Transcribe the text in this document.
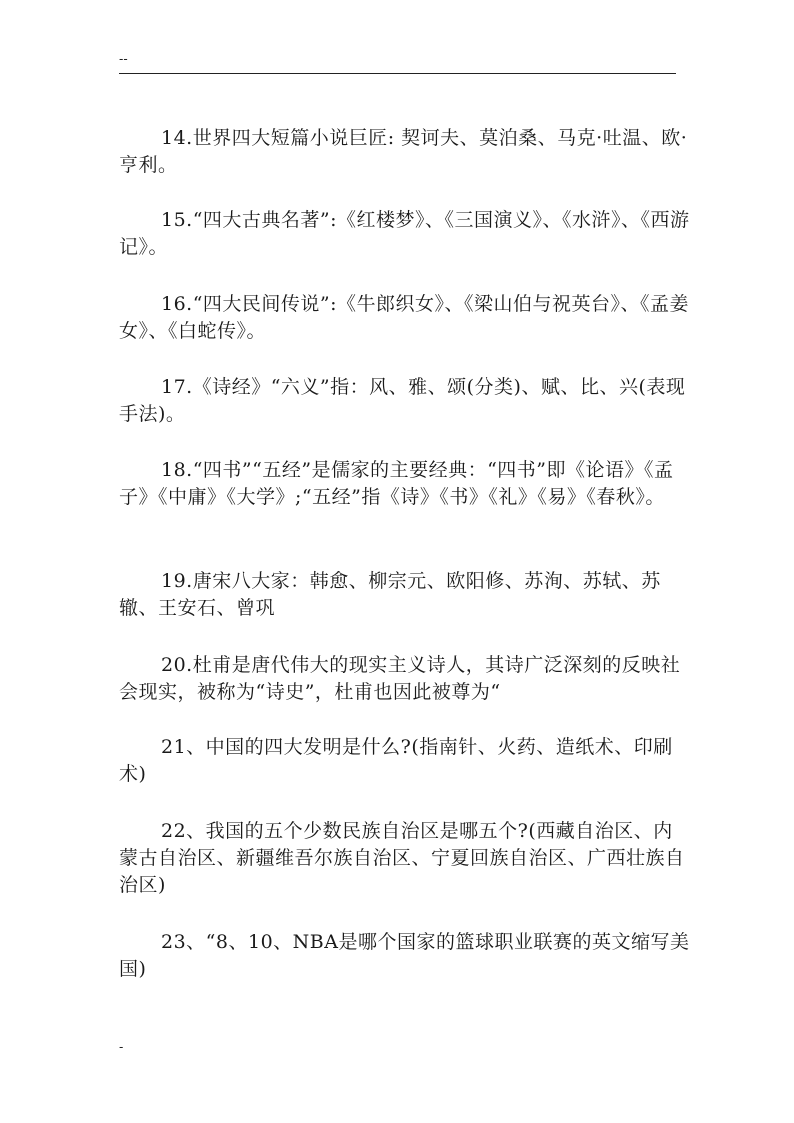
--
14.世界四大短篇小说巨匠: 契诃夫、莫泊桑、马克·吐温、欧·亨利。
15.“四大古典名著”:《红楼梦》、《三国演义》、《水浒》、《西游记》。
16.“四大民间传说”:《牛郎织女》、《梁山伯与祝英台》、《孟姜女》、《白蛇传》。
17.《诗经》“六义”指：风、雅、颂(分类)、赋、比、兴(表现手法)。
18.“四书”“五经”是儒家的主要经典：“四书”即《论语》《孟子》《中庸》《大学》;“五经”指《诗》《书》《礼》《易》《春秋》。
19.唐宋八大家：韩愈、柳宗元、欧阳修、苏洵、苏轼、苏辙、王安石、曾巩
20.杜甫是唐代伟大的现实主义诗人，其诗广泛深刻的反映社会现实，被称为“诗史”，杜甫也因此被尊为“
21、中国的四大发明是什么?(指南针、火药、造纸术、印刷术)
22、我国的五个少数民族自治区是哪五个?(西藏自治区、内蒙古自治区、新疆维吾尔族自治区、宁夏回族自治区、广西壮族自治区)
23、“8、10、NBA是哪个国家的篮球职业联赛的英文缩写美国)
-
